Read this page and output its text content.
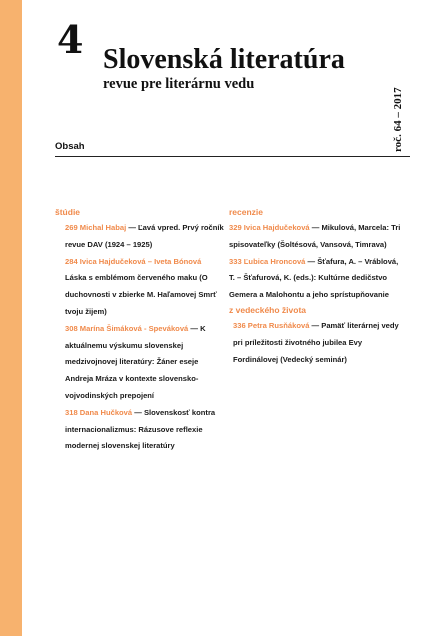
4 Slovenská literatúra
revue pre literárnu vedu
roč. 64 – 2017
Obsah
štúdie

269 Michal Habaj — Ľavá vpred. Prvý ročník revue DAV (1924 – 1925)

284 Ivica Hajdučeková – Iveta Bónová
Láska s emblémom červeného maku (O duchovnosti v zbierke M. Haľamovej Smrť tvoju žijem)

308 Marína Šimáková - Speváková — K aktuálnemu výskumu slovenskej medzivojnovej literatúry: Žáner eseje Andreja Mráza v kontexte slovensko-vojvodinských prepojení

318 Dana Hučková — Slovenskosť kontra internacionalizmus: Rázusove reflexie modernej slovenskej literatúry

recenzie

329 Ivica Hajdučeková — Mikulová, Marcela: Tri spisovateľky (Šoltésová, Vansová, Timrava)

333 Ľubica Hroncová — Šťafura, A. – Vráblová, T. – Šťafurová, K. (eds.): Kultúrne dedičstvo Gemera a Malohontu a jeho sprístupňovanie

z vedeckého života

336 Petra Rusňáková — Pamäť literárnej vedy pri príležitosti životného jubilea Evy Fordinálovej (Vedecký seminár)
